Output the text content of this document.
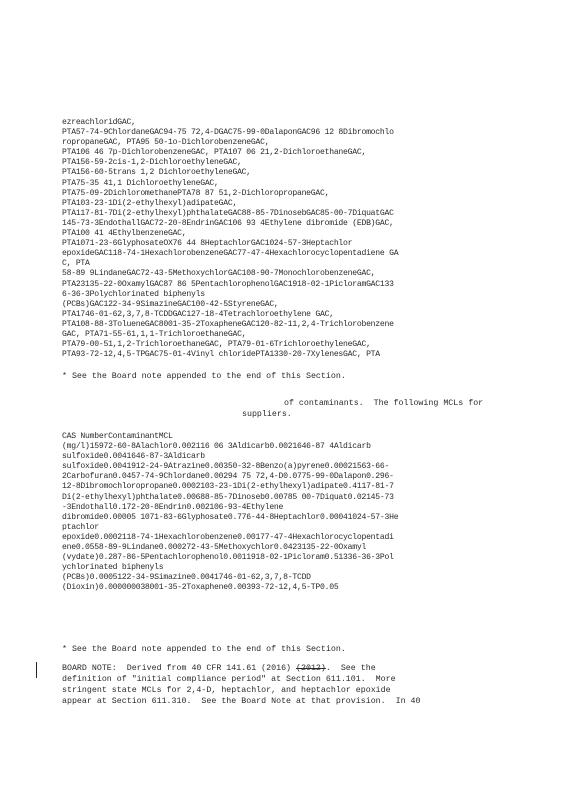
ezreachloridGAC,
PTA57-74-9ChlordaneGAC94-75 72,4-DGAC75-99-0DalaponGAC96 12 8Dibromochlo
ropropaneGAC, PTA95 50-1o-DichlorobenzeneGAC,
PTA106 46 7p-DichlorobenzeneGAC, PTA107 06 21,2-DichloroethaneGAC,
PTA156-59-2cis-1,2-DichloroethyleneGAC,
PTA156-60-5trans 1,2 DichloroethyleneGAC,
PTA75-35 41,1 DichloroethyleneGAC,
PTA75-09-2DichloromethanePTA78 87 51,2-DichloropropaneGAC,
PTA103-23-1Di(2-ethylhexyl)adipateGAC,
PTA117-81-7Di(2-ethylhexyl)phthalateGAC88-85-7DinosebGAC85-00-7DiquatGAC
145-73-3EndothallGAC72-20-8EndrinGAC106 93 4Ethylene dibromide (EDB)GAC,
PTA100 41 4EthylbenzeneGAC,
PTA1071-23-6GlyphosateOX76 44 8HeptachlorGAC1024-57-3Heptachlor
epoxideGAC118-74-1HexachlorobenzeneGAC77-47-4Hexachlorocyclopentadiene GA
C, PTA
58-89 9LindaneGAC72-43-5MethoxychlorGAC108-90-7MonochlorobenzeneGAC,
PTA23135-22-0OxamylGAC87 86 5PentachlorophenolGAC1918-02-1PicloramGAC133
6-36-3Polychlorinated biphenyls
(PCBs)GAC122-34-9SimazineGAC100-42-5StyreneGAC,
PTA1746-01-62,3,7,8-TCDDGAC127-18-4Tetrachloroethylene GAC,
PTA108-88-3TolueneGAC8001-35-2ToxapheneGAC120-82-11,2,4-Trichlorobenzene
GAC, PTA71-55-61,1,1-TrichloroethaneGAC,
PTA79-00-51,1,2-TrichloroethaneGAC, PTA79-01-6TrichloroethyleneGAC,
PTA93-72-12,4,5-TPGAC75-01-4Vinyl chloridePTA1330-20-7XylenesGAC, PTA
* See the Board note appended to the end of this Section.
of contaminants.  The following MCLs for
suppliers.
CAS NumberContaminantMCL
(mg/l)15972-60-8Alachlor0.002116 06 3Aldicarb0.0021646-87 4Aldicarb
sulfoxide0.0041646-87-3Aldicarb
sulfoxide0.0041912-24-9Atrazine0.00350-32-8Benzo(a)pyrene0.00021563-66-
2Carbofuran0.0457-74-9Chlordane0.00294 75 72,4-D0.0775-99-0Dalapon0.296-
12-8Dibromochloropropane0.0002103-23-1Di(2-ethylhexyl)adipate0.4117-81-7
Di(2-ethylhexyl)phthalate0.00688-85-7Dinoseb0.00785 00-7Diquat0.02145-73
-3Endothall0.172-20-8Endrin0.002106-93-4Ethylene
dibromide0.00005 1071-83-6Glyphosate0.776-44-8Heptachlor0.00041024-57-3He
ptachlor
epoxide0.0002118-74-1Hexachlorobenzene0.00177-47-4Hexachlorocyclopentadi
ene0.0558-89-9Lindane0.000272-43-5Methoxychlor0.0423135-22-0Oxamyl
(vydate)0.287-86-5Pentachlorophenol0.0011918-02-1Picloram0.51336-36-3Pol
ychlorinated biphenyls
(PCBs)0.0005122-34-9Simazine0.0041746-01-62,3,7,8-TCDD
(Dioxin)0.000000038001-35-2Toxaphene0.00393-72-12,4,5-TP0.05
* See the Board note appended to the end of this Section.
BOARD NOTE:  Derived from 40 CFR 141.61 (2016) (2012).  See the
definition of "initial compliance period" at Section 611.101.  More
stringent state MCLs for 2,4-D, heptachlor, and heptachlor epoxide
appear at Section 611.310.  See the Board Note at that provision.  In 40
